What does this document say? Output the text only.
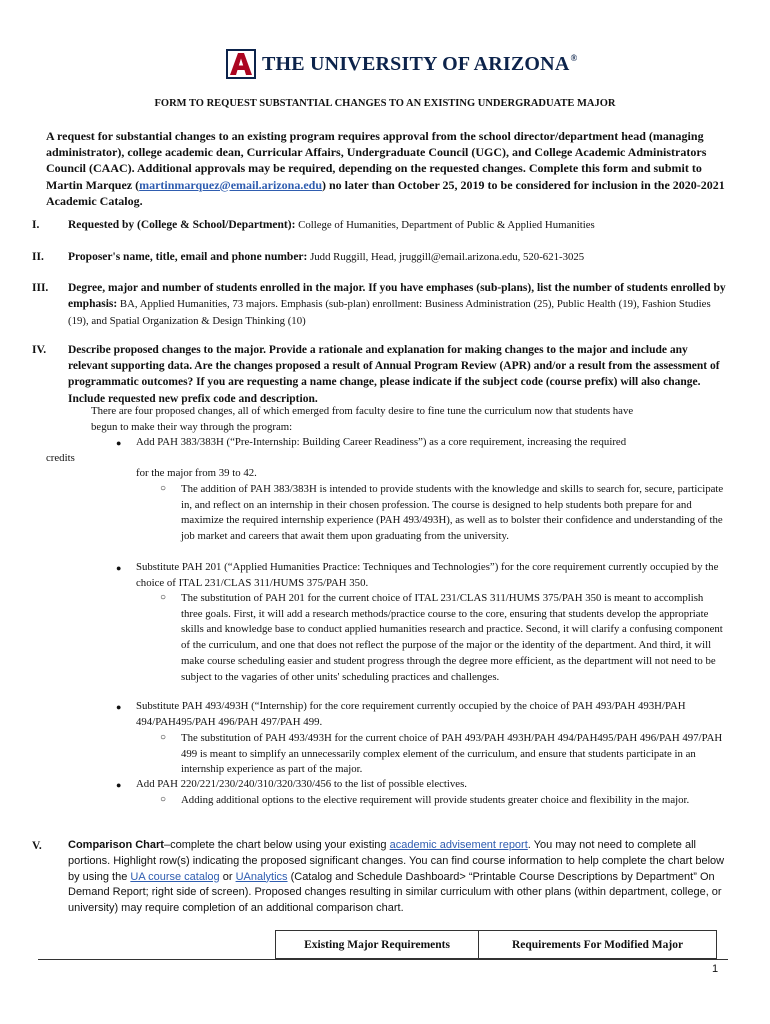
THE UNIVERSITY OF ARIZONA®
FORM TO REQUEST SUBSTANTIAL CHANGES TO AN EXISTING UNDERGRADUATE MAJOR
A request for substantial changes to an existing program requires approval from the school director/department head (managing administrator), college academic dean, Curricular Affairs, Undergraduate Council (UGC), and College Academic Administrators Council (CAAC). Additional approvals may be required, depending on the requested changes. Complete this form and submit to Martin Marquez (martinmarquez@email.arizona.edu) no later than October 25, 2019 to be considered for inclusion in the 2020-2021 Academic Catalog.
I. Requested by (College & School/Department): College of Humanities, Department of Public & Applied Humanities
II. Proposer's name, title, email and phone number: Judd Ruggill, Head, jruggill@email.arizona.edu, 520-621-3025
III. Degree, major and number of students enrolled in the major. If you have emphases (sub-plans), list the number of students enrolled by emphasis: BA, Applied Humanities, 73 majors. Emphasis (sub-plan) enrollment: Business Administration (25), Public Health (19), Fashion Studies (19), and Spatial Organization & Design Thinking (10)
IV. Describe proposed changes to the major. Provide a rationale and explanation for making changes to the major and include any relevant supporting data. Are the changes proposed a result of Annual Program Review (APR) and/or a result from the assessment of programmatic outcomes? If you are requesting a name change, please indicate if the subject code (course prefix) will also change. Include requested new prefix code and description.
There are four proposed changes, all of which emerged from faculty desire to fine tune the curriculum now that students have
begun to make their way through the program:
● Add PAH 383/383H (“Pre-Internship: Building Career Readiness”) as a core requirement, increasing the required
credits
for the major from 39 to 42.
○ The addition of PAH 383/383H is intended to provide students with the knowledge and skills to search for, secure, participate in, and reflect on an internship in their chosen profession. The course is designed to help students both prepare for and maximize the required internship experience (PAH 493/493H), as well as to bolster their confidence and understanding of the job market and careers that await them upon graduating from the university.
● Substitute PAH 201 (“Applied Humanities Practice: Techniques and Technologies”) for the core requirement currently occupied by the choice of ITAL 231/CLAS 311/HUMS 375/PAH 350.
○ The substitution of PAH 201 for the current choice of ITAL 231/CLAS 311/HUMS 375/PAH 350 is meant to accomplish three goals. First, it will add a research methods/practice course to the core, ensuring that students develop the appropriate skills and knowledge base to conduct applied humanities research and practice. Second, it will clarify a confusing component of the curriculum, and one that does not reflect the purpose of the major or the identity of the department. And third, it will make course scheduling easier and student progress through the degree more efficient, as the department will not need to be subject to the vagaries of other units' scheduling practices and challenges.
● Substitute PAH 493/493H (“Internship) for the core requirement currently occupied by the choice of PAH 493/PAH 493H/PAH 494/PAH495/PAH 496/PAH 497/PAH 499.
○ The substitution of PAH 493/493H for the current choice of PAH 493/PAH 493H/PAH 494/PAH495/PAH 496/PAH 497/PAH 499 is meant to simplify an unnecessarily complex element of the curriculum, and ensure that students participate in an internship experience as part of the major.
● Add PAH 220/221/230/240/310/320/330/456 to the list of possible electives.
○ Adding additional options to the elective requirement will provide students greater choice and flexibility in the major.
V. Comparison Chart–complete the chart below using your existing academic advisement report. You may not need to complete all portions. Highlight row(s) indicating the proposed significant changes. You can find course information to help complete the chart below by using the UA course catalog or UAnalytics (Catalog and Schedule Dashboard> “Printable Course Descriptions by Department” On Demand Report; right side of screen). Proposed changes resulting in similar curriculum with other plans (within department, college, or university) may require completion of an additional comparison chart.
Existing Major Requirements	Requirements For Modified Major
1
